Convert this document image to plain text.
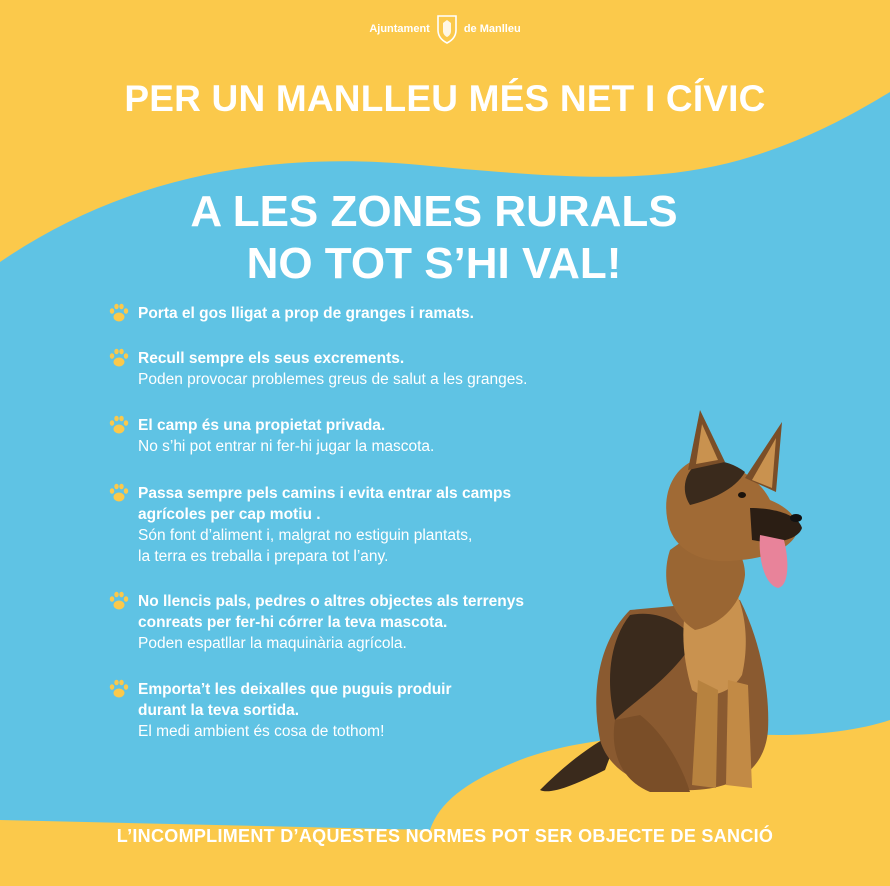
Ajuntament	de Manlleu
PER UN MANLLEU MÉS NET I CÍVIC
A LES ZONES RURALS
NO TOT S’HI VAL!
Porta el gos lligat a prop de granges i ramats.
Recull sempre els seus excrements.
Poden provocar problemes greus de salut a les granges.
El camp és una propietat privada.
No s’hi pot entrar ni fer-hi jugar la mascota.
Passa sempre pels camins i evita entrar als camps
agrícoles per cap motiu .
Són font d’aliment i, malgrat no estiguin plantats,
la terra es treballa i prepara tot l’any.
No llencis pals, pedres o altres objectes als terrenys
conreats per fer-hi córrer la teva mascota.
Poden espatllar la maquinària agrícola.
Emporta’t les deixalles que puguis produir
durant la teva sortida.
El medi ambient és cosa de tothom!
L’INCOMPLIMENT D’AQUESTES NORMES POT SER OBJECTE DE SANCIÓ
